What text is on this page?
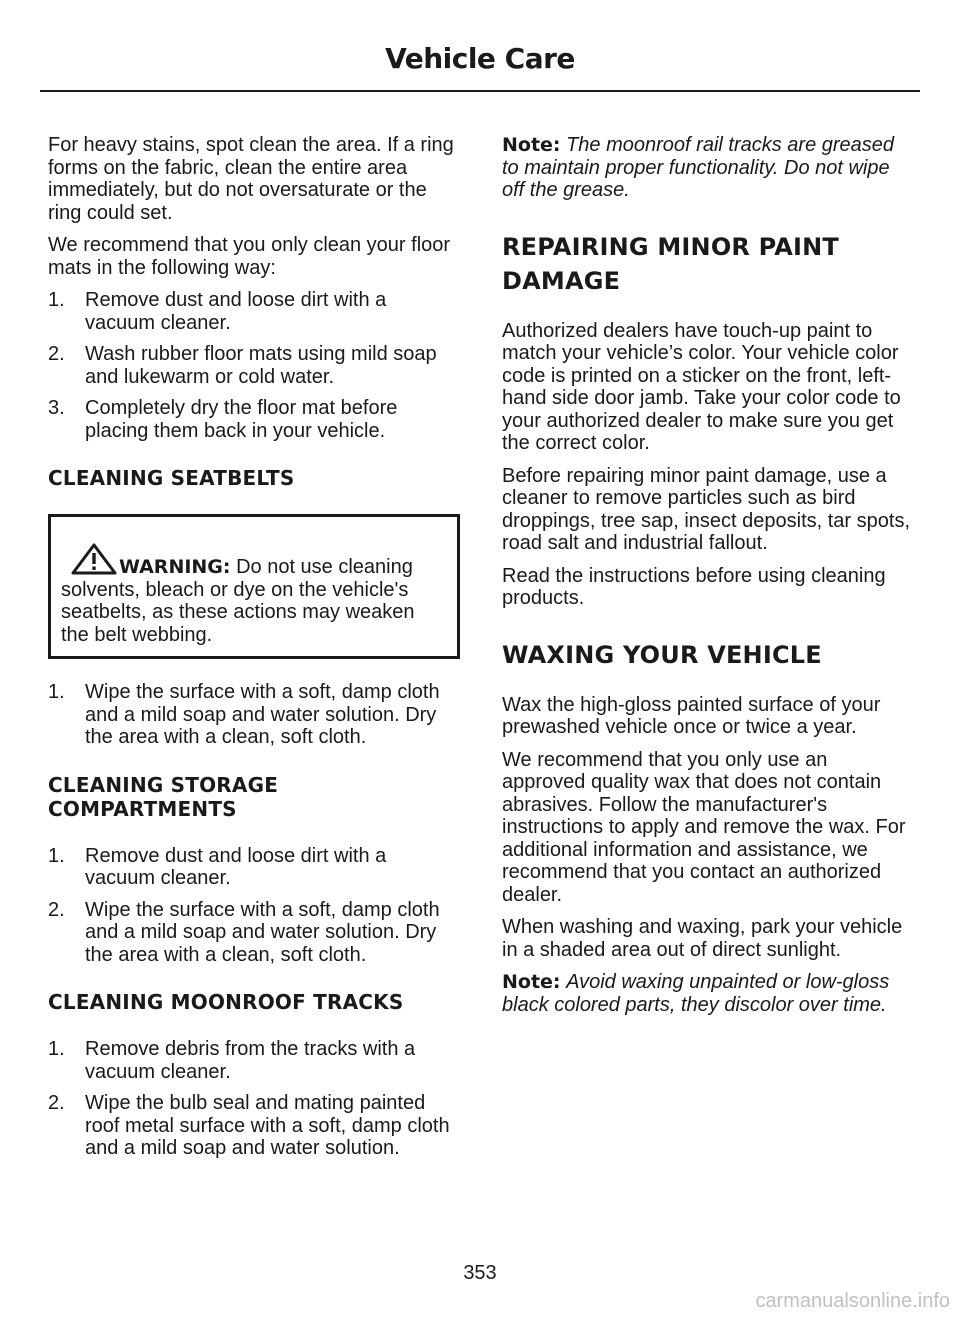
Vehicle Care

For heavy stains, spot clean the area. If a ring forms on the fabric, clean the entire area immediately, but do not oversaturate or the ring could set.

We recommend that you only clean your floor mats in the following way:

1. Remove dust and loose dirt with a vacuum cleaner.
2. Wash rubber floor mats using mild soap and lukewarm or cold water.
3. Completely dry the floor mat before placing them back in your vehicle.
CLEANING SEATBELTS

WARNING: Do not use cleaning solvents, bleach or dye on the vehicle's seatbelts, as these actions may weaken the belt webbing.

1. Wipe the surface with a soft, damp cloth and a mild soap and water solution. Dry the area with a clean, soft cloth.
CLEANING STORAGE COMPARTMENTS
1. Remove dust and loose dirt with a vacuum cleaner.
2. Wipe the surface with a soft, damp cloth and a mild soap and water solution. Dry the area with a clean, soft cloth.
CLEANING MOONROOF TRACKS
1. Remove debris from the tracks with a vacuum cleaner.
2. Wipe the bulb seal and mating painted roof metal surface with a soft, damp cloth and a mild soap and water solution.

Note: The moonroof rail tracks are greased to maintain proper functionality. Do not wipe off the grease.

REPAIRING MINOR PAINT DAMAGE

Authorized dealers have touch-up paint to match your vehicle’s color. Your vehicle color code is printed on a sticker on the front, left-hand side door jamb. Take your color code to your authorized dealer to make sure you get the correct color.

Before repairing minor paint damage, use a cleaner to remove particles such as bird droppings, tree sap, insect deposits, tar spots, road salt and industrial fallout.

Read the instructions before using cleaning products.

WAXING YOUR VEHICLE

Wax the high-gloss painted surface of your prewashed vehicle once or twice a year.

We recommend that you only use an approved quality wax that does not contain abrasives. Follow the manufacturer's instructions to apply and remove the wax. For additional information and assistance, we recommend that you contact an authorized dealer.

When washing and waxing, park your vehicle in a shaded area out of direct sunlight.

Note: Avoid waxing unpainted or low-gloss black colored parts, they discolor over time.

353
carmanualsonline.info
